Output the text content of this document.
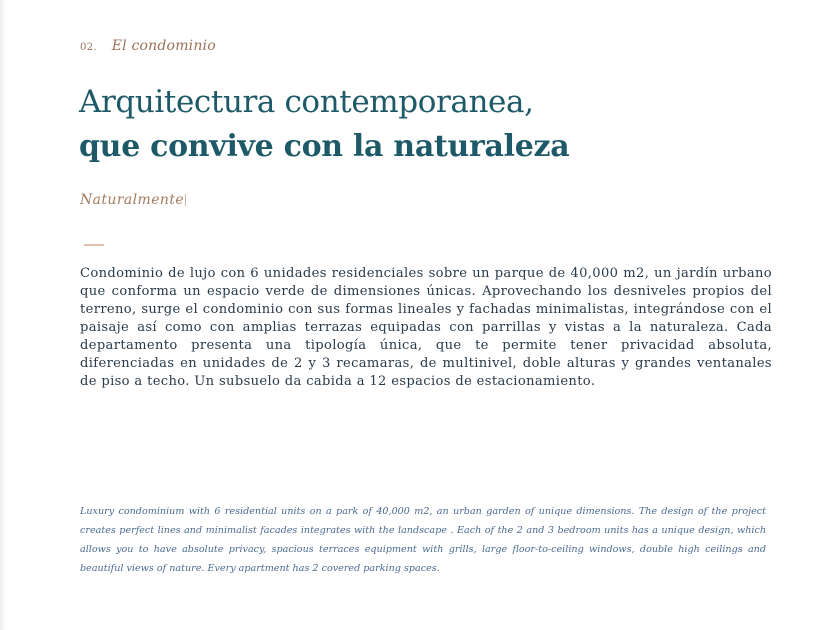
02. El condominio
Arquitectura contemporanea,
que convive con la naturaleza
Naturalmente

Condominio de lujo con 6 unidades residenciales sobre un parque de 40,000 m2, un jardín urbano que conforma un espacio verde de dimensiones únicas. Aprovechando los desniveles propios del terreno, surge el condominio con sus formas lineales y fachadas minimalistas, integrándose con el paisaje así como con amplias terrazas equipadas con parrillas y vistas a la naturaleza. Cada departamento presenta una tipología única, que te permite tener privacidad absoluta, diferenciadas en unidades de 2 y 3 recamaras, de multinivel, doble alturas y grandes ventanales de piso a techo. Un subsuelo da cabida a 12 espacios de estacionamiento.

Luxury condominium with 6 residential units on a park of 40,000 m2, an urban garden of unique dimensions. The design of the project creates perfect lines and minimalist facades integrates with the landscape . Each of the 2 and 3 bedroom units has a unique design, which allows you to have absolute privacy, spacious terraces equipment with grills, large floor-to-ceiling windows, double high ceilings and beautiful views of nature. Every apartment has 2 covered parking spaces.
